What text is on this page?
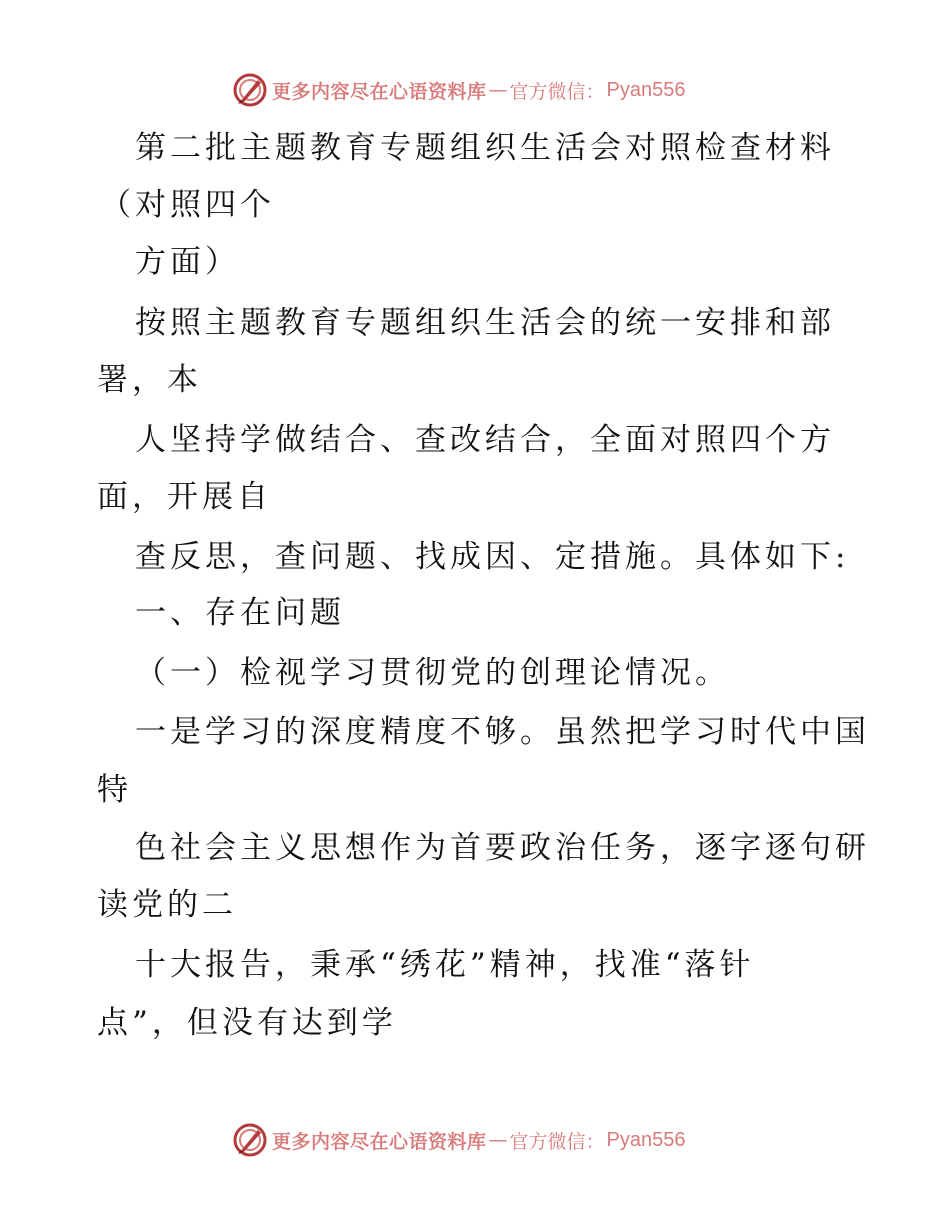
更多内容尽在心语资料库 — 官方微信： Pyan556

第二批主题教育专题组织生活会对照检查材料

（对照四个

方面）

按照主题教育专题组织生活会的统一安排和部

署，本

人坚持学做结合、查改结合，全面对照四个方

面，开展自

查反思，查问题、找成因、定措施。具体如下:

一、存在问题

（一）检视学习贯彻党的创理论情况。

一是学习的深度精度不够。虽然把学习时代中国

特

色社会主义思想作为首要政治任务，逐字逐句研

读党的二

十大报告，秉承“绣花”精神，找准“落针

点”，但没有达到学

更多内容尽在心语资料库 — 官方微信： Pyan556
